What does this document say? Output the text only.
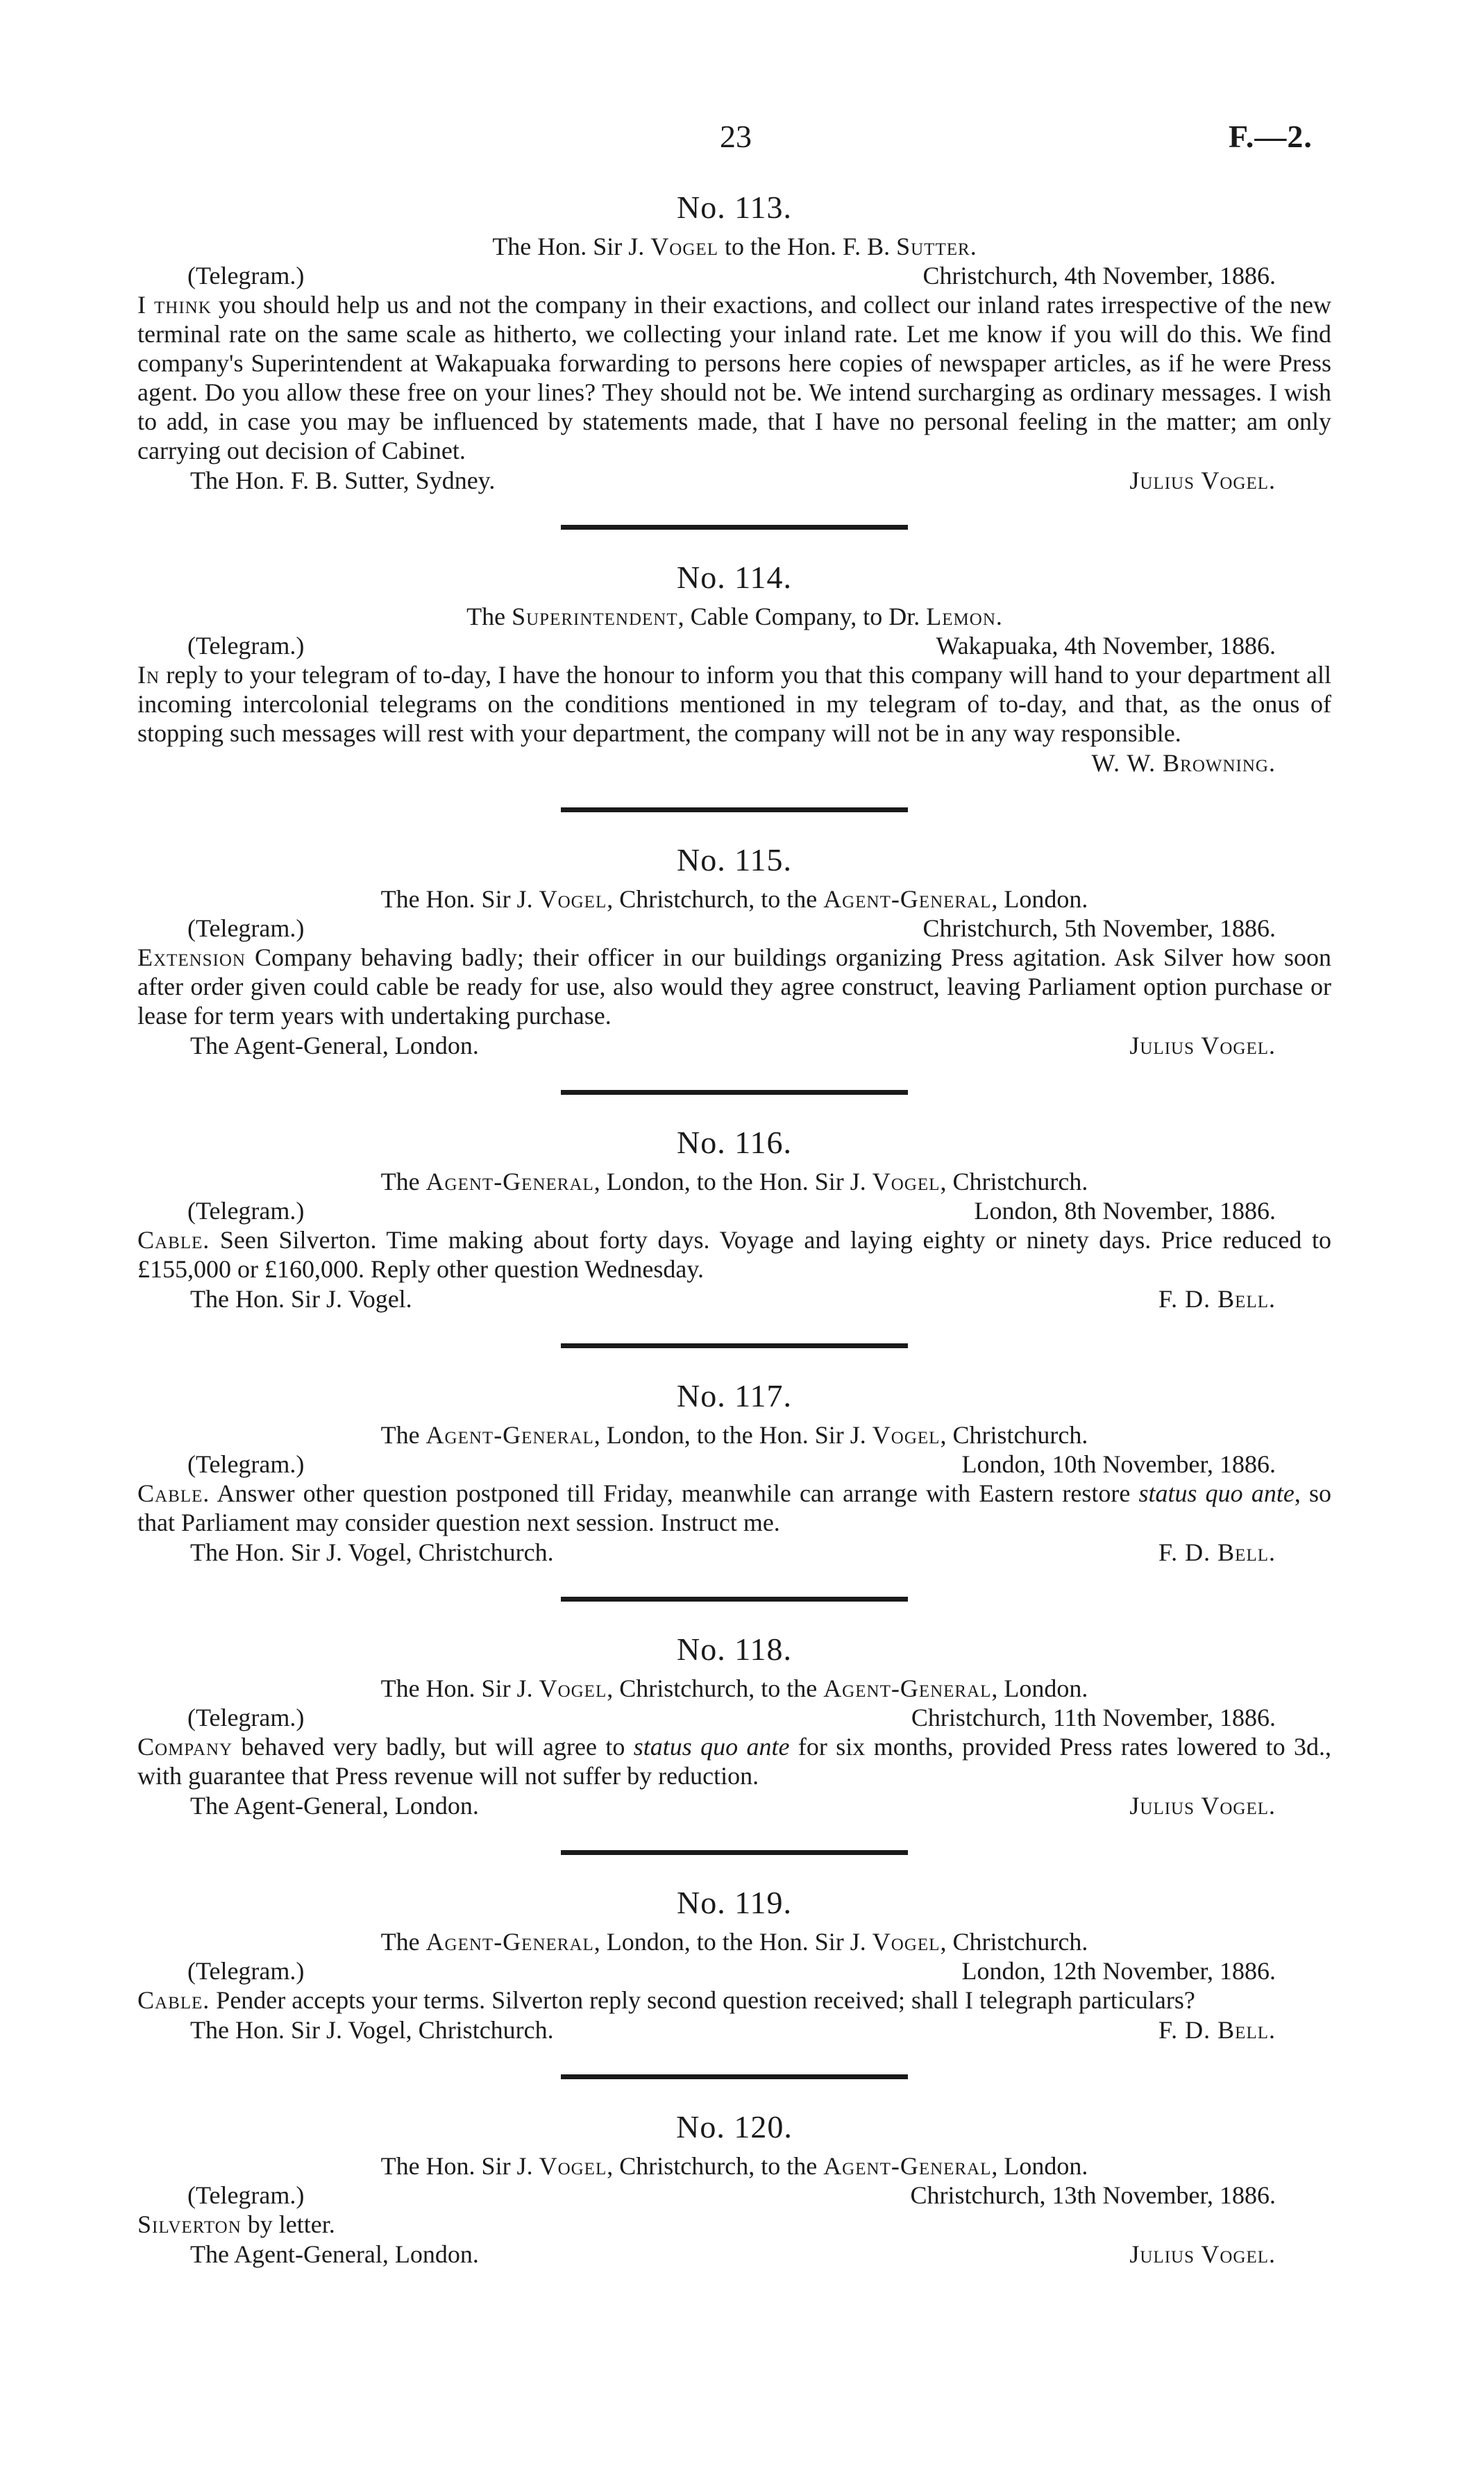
23	F.—2.
No. 113.
The Hon. Sir J. Vogel to the Hon. F. B. Sutter.
(Telegram.)	Christchurch, 4th November, 1886.

I think you should help us and not the company in their exactions, and collect our inland rates irrespective of the new terminal rate on the same scale as hitherto, we collecting your inland rate. Let me know if you will do this. We find company's Superintendent at Wakapuaka forwarding to persons here copies of newspaper articles, as if he were Press agent. Do you allow these free on your lines? They should not be. We intend surcharging as ordinary messages. I wish to add, in case you may be influenced by statements made, that I have no personal feeling in the matter; am only carrying out decision of Cabinet.

The Hon. F. B. Sutter, Sydney.	Julius Vogel.
No. 114.
The Superintendent, Cable Company, to Dr. Lemon.
(Telegram.)	Wakapuaka, 4th November, 1886.

In reply to your telegram of to-day, I have the honour to inform you that this company will hand to your department all incoming intercolonial telegrams on the conditions mentioned in my telegram of to-day, and that, as the onus of stopping such messages will rest with your department, the company will not be in any way responsible.

W. W. Browning.
No. 115.
The Hon. Sir J. Vogel, Christchurch, to the Agent-General, London.
(Telegram.)	Christchurch, 5th November, 1886.

Extension Company behaving badly; their officer in our buildings organizing Press agitation. Ask Silver how soon after order given could cable be ready for use, also would they agree construct, leaving Parliament option purchase or lease for term years with undertaking purchase.

The Agent-General, London.	Julius Vogel.
No. 116.
The Agent-General, London, to the Hon. Sir J. Vogel, Christchurch.
(Telegram.)	London, 8th November, 1886.

Cable. Seen Silverton. Time making about forty days. Voyage and laying eighty or ninety days. Price reduced to £155,000 or £160,000. Reply other question Wednesday.

The Hon. Sir J. Vogel.	F. D. Bell.
No. 117.
The Agent-General, London, to the Hon. Sir J. Vogel, Christchurch.
(Telegram.)	London, 10th November, 1886.

Cable. Answer other question postponed till Friday, meanwhile can arrange with Eastern restore status quo ante, so that Parliament may consider question next session. Instruct me.

The Hon. Sir J. Vogel, Christchurch.	F. D. Bell.
No. 118.
The Hon. Sir J. Vogel, Christchurch, to the Agent-General, London.
(Telegram.)	Christchurch, 11th November, 1886.

Company behaved very badly, but will agree to status quo ante for six months, provided Press rates lowered to 3d., with guarantee that Press revenue will not suffer by reduction.

The Agent-General, London.	Julius Vogel.
No. 119.
The Agent-General, London, to the Hon. Sir J. Vogel, Christchurch.
(Telegram.)	London, 12th November, 1886.

Cable. Pender accepts your terms. Silverton reply second question received; shall I telegraph particulars?

The Hon. Sir J. Vogel, Christchurch.	F. D. Bell.
No. 120.
The Hon. Sir J. Vogel, Christchurch, to the Agent-General, London.
(Telegram.)	Christchurch, 13th November, 1886.

Silverton by letter.

The Agent-General, London.	Julius Vogel.
